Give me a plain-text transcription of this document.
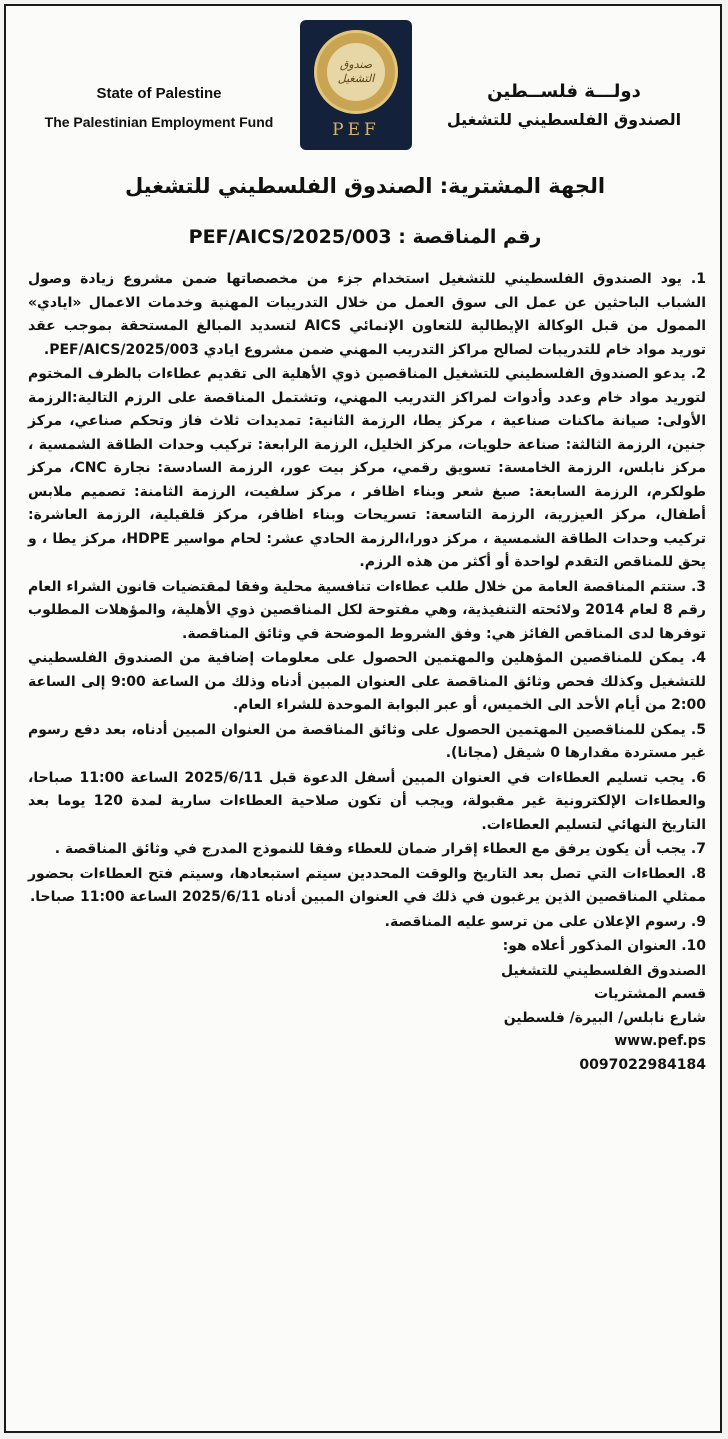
State of Palestine
The Palestinian Employment Fund
صندوق التشغيل
PEF
دولـــة فلســطين
الصندوق الفلسطيني للتشغيل
الجهة المشترية: الصندوق الفلسطيني للتشغيل
رقم المناقصة : PEF/AICS/2025/003
1. يود الصندوق الفلسطيني للتشغيل استخدام جزء من مخصصاتها ضمن مشروع زيادة وصول الشباب الباحثين عن عمل الى سوق العمل من خلال التدريبات المهنية وخدمات الاعمال «ايادي» الممول من قبل الوكالة الإيطالية للتعاون الإنمائي AICS لتسديد المبالغ المستحقة بموجب عقد توريد مواد خام للتدريبات لصالح مراكز التدريب المهني ضمن مشروع ايادي PEF/AICS/2025/003.
2. يدعو الصندوق الفلسطيني للتشغيل المناقصين ذوي الأهلية الى تقديم عطاءات بالظرف المختوم لتوريد مواد خام وعدد وأدوات لمراكز التدريب المهني، وتشتمل المناقصة على الرزم التالية:الرزمة الأولى: صيانة ماكنات صناعية ، مركز يطا، الرزمة الثانية: تمديدات ثلاث فاز وتحكم صناعي، مركز جنين، الرزمة الثالثة: صناعة حلويات، مركز الخليل، الرزمة الرابعة: تركيب وحدات الطاقة الشمسية ، مركز نابلس، الرزمة الخامسة: تسويق رقمي، مركز بيت عور، الرزمة السادسة: نجارة CNC، مركز طولكرم، الرزمة السابعة: صبغ شعر وبناء اظافر ، مركز سلفيت، الرزمة الثامنة: تصميم ملابس أطفال، مركز العيزرية، الرزمة التاسعة: تسريحات وبناء اظافر، مركز قلقيلية، الرزمة العاشرة: تركيب وحدات الطاقة الشمسية ، مركز دورا،الرزمة الحادي عشر: لحام مواسير HDPE، مركز يطا ، و يحق للمناقص التقدم لواحدة أو أكثر من هذه الرزم.
3. ستتم المناقصة العامة من خلال طلب عطاءات تنافسية محلية وفقا لمقتضيات قانون الشراء العام رقم 8 لعام 2014 ولائحته التنفيذية، وهي مفتوحة لكل المناقصين ذوي الأهلية، والمؤهلات المطلوب توفرها لدى المناقص الفائز هي: وفق الشروط الموضحة في وثائق المناقصة.
4. يمكن للمناقصين المؤهلين والمهتمين الحصول على معلومات إضافية من الصندوق الفلسطيني للتشغيل وكذلك فحص وثائق المناقصة على العنوان المبين أدناه وذلك من الساعة 9:00 إلى الساعة 2:00 من أيام الأحد الى الخميس، أو عبر البوابة الموحدة للشراء العام.
5. يمكن للمناقصين المهتمين الحصول على وثائق المناقصة من العنوان المبين أدناه، بعد دفع رسوم غير مستردة مقدارها 0 شيقل (مجانا).
6. يجب تسليم العطاءات في العنوان المبين أسفل الدعوة قبل 2025/6/11 الساعة 11:00 صباحا، والعطاءات الإلكترونية غير مقبولة، ويجب أن تكون صلاحية العطاءات سارية لمدة 120 يوما بعد التاريخ النهائي لتسليم العطاءات.
7. يجب أن يكون يرفق مع العطاء إقرار ضمان للعطاء وفقا للنموذج المدرج في وثائق المناقصة .
8. العطاءات التي تصل بعد التاريخ والوقت المحددين سيتم استبعادها، وسيتم فتح العطاءات بحضور ممثلي المناقصين الذين يرغبون في ذلك في العنوان المبين أدناه 2025/6/11 الساعة 11:00 صباحا.
9. رسوم الإعلان على من ترسو عليه المناقصة.
10. العنوان المذكور أعلاه هو:
الصندوق الفلسطيني للتشغيل
قسم المشتريات
شارع نابلس/ البيرة/ فلسطين
www.pef.ps
0097022984184
